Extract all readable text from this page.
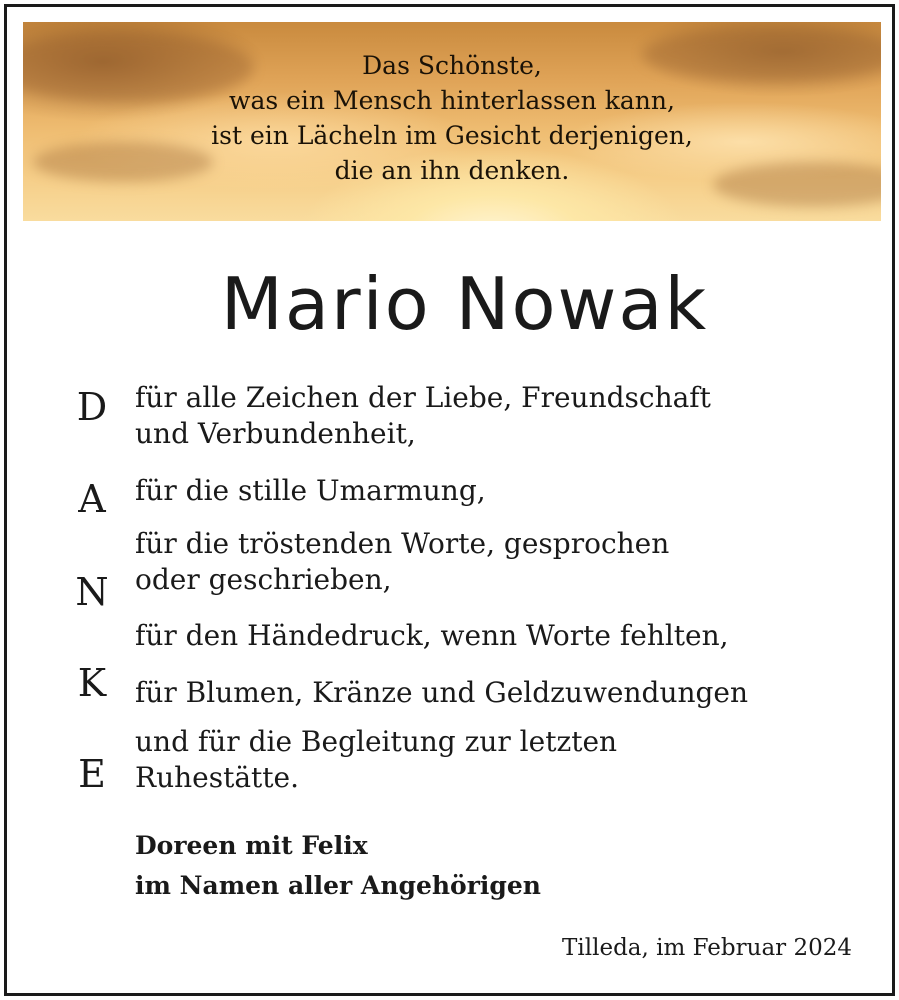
Das Schönste,
was ein Mensch hinterlassen kann,
ist ein Lächeln im Gesicht derjenigen,
die an ihn denken.
Mario Nowak
D
A
N
K
E
für alle Zeichen der Liebe, Freundschaft
und Verbundenheit,
für die stille Umarmung,
für die tröstenden Worte, gesprochen
oder geschrieben,
für den Händedruck, wenn Worte fehlten,
für Blumen, Kränze und Geldzuwendungen
und für die Begleitung zur letzten
Ruhestätte.
Doreen mit Felix
im Namen aller Angehörigen
Tilleda, im Februar 2024
